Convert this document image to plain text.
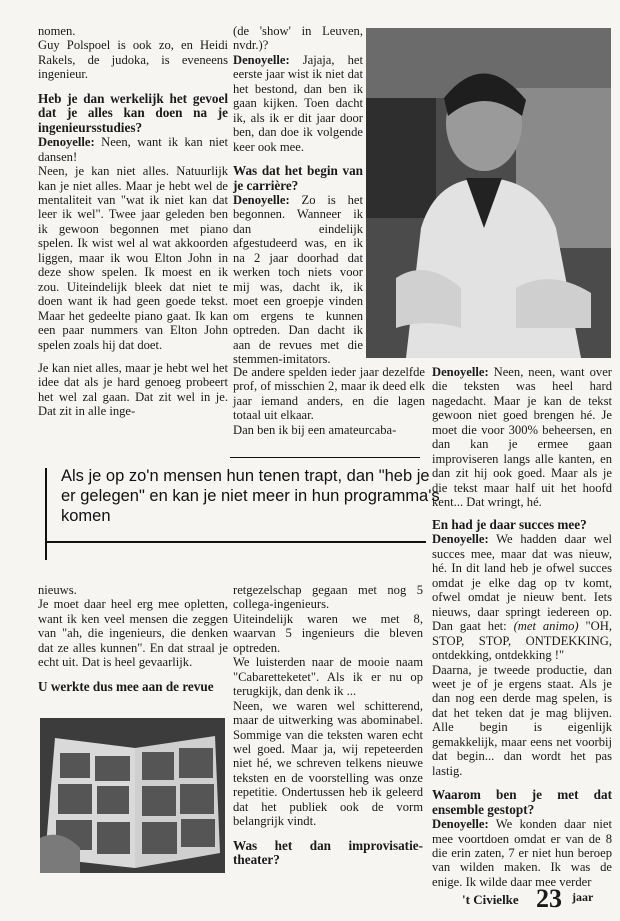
nomen.

Guy Polspoel is ook zo, en Heidi Rakels, de judoka, is eveneens ingenieur.

Heb je dan werkelijk het gevoel dat je alles kan doen na je ingenieursstudies?

Denoyelle: Neen, want ik kan niet dansen!

Neen, je kan niet alles. Natuurlijk kan je niet alles. Maar je hebt wel de mentaliteit van "wat ik niet kan dat leer ik wel". Twee jaar geleden ben ik gewoon begonnen met piano spelen. Ik wist wel al wat akkoorden liggen, maar ik wou Elton John in deze show spelen. Ik moest en ik zou. Uiteindelijk bleek dat niet te doen want ik had geen goede tekst. Maar het gedeelte piano gaat. Ik kan een paar nummers van Elton John spelen zoals hij dat doet.

Je kan niet alles, maar je hebt wel het idee dat als je hard genoeg probeert het wel zal gaan. Dat zit wel in je. Dat zit in alle inge-

(de 'show' in Leuven, nvdr.)?

Denoyelle: Jajaja, het eerste jaar wist ik niet dat het bestond, dan ben ik gaan kijken. Toen dacht ik, als ik er dit jaar door ben, dan doe ik volgende keer ook mee.

Was dat het begin van je carrière?

Denoyelle: Zo is het begonnen. Wanneer ik dan eindelijk afgestudeerd was, en ik na 2 jaar doorhad dat werken toch niets voor mij was, dacht ik, ik moet een groepje vinden om ergens te kunnen optreden. Dan dacht ik aan de revues met die stemmen-imitators.

De andere spelden ieder jaar dezelfde prof, of misschien 2, maar ik deed elk jaar iemand anders, en die lagen totaal uit elkaar.

Dan ben ik bij een amateurcaba-

Denoyelle: Neen, neen, want over die teksten was heel hard nagedacht. Maar je kan de tekst gewoon niet goed brengen hé. Je moet die voor 300% beheersen, en dan kan je ermee gaan improviseren langs alle kanten, en dan zit hij ook goed. Maar als je die tekst maar half uit het hoofd kent... Dat wringt, hé.

Als je op zo'n mensen hun tenen trapt, dan "heb je er gelegen" en kan je niet meer in hun programma's komen

nieuws.

Je moet daar heel erg mee opletten, want ik ken veel mensen die zeggen van "ah, die ingenieurs, die denken dat ze alles kunnen". En dat straal je echt uit. Dat is heel gevaarlijk.

U werkte dus mee aan de revue

retgezelschap gegaan met nog 5 collega-ingenieurs.

Uiteindelijk waren we met 8, waarvan 5 ingenieurs die bleven optreden.

We luisterden naar de mooie naam "Cabaretteketet". Als ik er nu op terugkijk, dan denk ik ...

Neen, we waren wel schitterend, maar de uitwerking was abominabel. Sommige van die teksten waren echt wel goed. Maar ja, wij repeteerden niet hé, we schreven telkens nieuwe teksten en de voorstelling was onze repetitie. Ondertussen heb ik geleerd dat het publiek ook de vorm belangrijk vindt.

Was het dan improvisatie-theater?
En had je daar succes mee?

Denoyelle: We hadden daar wel succes mee, maar dat was nieuw, hé. In dit land heb je ofwel succes omdat je elke dag op tv komt, ofwel omdat je nieuw bent. Iets nieuws, daar springt iedereen op. Dan gaat het: (met animo) "OH, STOP, STOP, ONTDEKKING, ontdekking, ontdekking !"

Daarna, je tweede productie, dan weet je of je ergens staat. Als je dan nog een derde mag spelen, is dat het teken dat je mag blijven. Alle begin is eigenlijk gemakkelijk, maar eens net voorbij dat begin... dan wordt het pas lastig.

Waarom ben je met dat ensemble gestopt?

Denoyelle: We konden daar niet mee voortdoen omdat er van de 8 die erin zaten, 7 er niet hun beroep van wilden maken. Ik was de enige. Ik wilde daar mee verder

't Civielke 23 jaar
